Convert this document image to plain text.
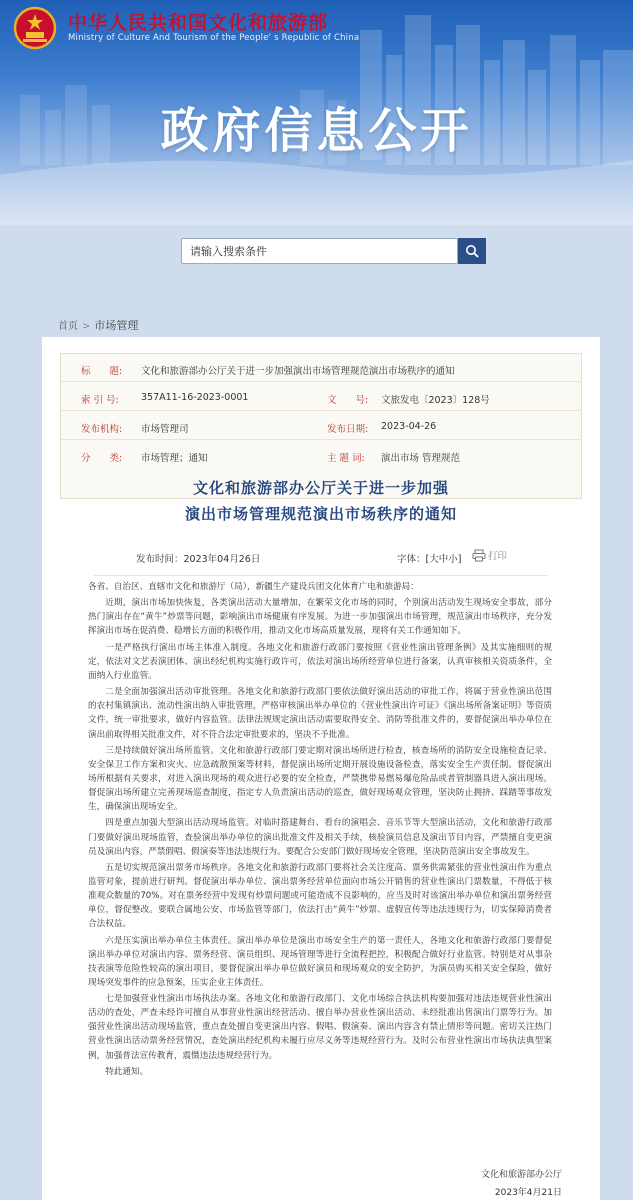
中华人民共和国文化和旅游部
Ministry of Culture And Tourism of the People' s Republic of China
政府信息公开
请输入搜索条件
首页 > 市场管理
标　　题: 文化和旅游部办公厅关于进一步加强演出市场管理规范演出市场秩序的通知
索 引 号: 357A11-16-2023-0001	文　　号: 文旅发电〔2023〕128号
发布机构: 市场管理司	发布日期: 2023-04-26
分　　类: 市场管理；通知	主 题 词: 演出市场 管理规范
文化和旅游部办公厅关于进一步加强
演出市场管理规范演出市场秩序的通知
发布时间：2023年04月26日	字体：[大中小]	打印

各省、自治区、直辖市文化和旅游厅（局），新疆生产建设兵团文化体育广电和旅游局：

近期，演出市场加快恢复，各类演出活动大量增加，在繁荣文化市场的同时，个别演出活动发生现场安全事故，部分热门演出存在“黄牛”炒票等问题，影响演出市场健康有序发展。为进一步加强演出市场管理，规范演出市场秩序，充分发挥演出市场在促消费、稳增长方面的积极作用，推动文化市场高质量发展，现将有关工作通知如下。

一是严格执行演出市场主体准入制度。各地文化和旅游行政部门要按照《营业性演出管理条例》及其实施细则的规定，依法对文艺表演团体、演出经纪机构实施行政许可，依法对演出场所经营单位进行备案，认真审核相关资质条件，全面纳入行业监管。

二是全面加强演出活动审批管理。各地文化和旅游行政部门要依法做好演出活动的审批工作，将属于营业性演出范围的农村集镇演出、流动性演出纳入审批管理，严格审核演出举办单位的《营业性演出许可证》《演出场所备案证明》等资质文件，统一审批要求，做好内容监管。法律法规规定演出活动需要取得安全、消防等批准文件的，要督促演出举办单位在演出前取得相关批准文件，对不符合法定审批要求的，坚决不予批准。

三是持续做好演出场所监管。文化和旅游行政部门要定期对演出场所进行检查，核查场所的消防安全设施检查记录、安全保卫工作方案和灾火、应急疏散预案等材料，督促演出场所定期开展设施设备检查，落实安全生产责任制。督促演出场所根据有关要求，对进入演出现场的观众进行必要的安全检查，严禁携带易燃易爆危险品或者管制器具进入演出现场。督促演出场所建立完善现场巡查制度，指定专人负责演出活动的巡查，做好现场观众管理，坚决防止拥挤、踩踏等事故发生，确保演出现场安全。

四是重点加强大型演出活动现场监管。对临时搭建舞台、看台的演唱会、音乐节等大型演出活动，文化和旅游行政部门要做好演出现场监管，查验演出举办单位的演出批准文件及相关手续，核验演员信息及演出节目内容，严禁擅自变更演员及演出内容，严禁假唱、假演奏等违法违规行为。要配合公安部门做好现场安全管理，坚决防范演出安全事故发生。

五是切实规范演出票务市场秩序。各地文化和旅游行政部门要将社会关注度高、票务供需紧张的营业性演出作为重点监管对象，提前进行研判。督促演出举办单位、演出票务经营单位面向市场公开销售的营业性演出门票数量，不得低于核准观众数量的70%。对在票务经营中发现有炒票问题或可能造成不良影响的，应当及时对该演出举办单位和演出票务经营单位，督促整改。要联合属地公安、市场监管等部门，依法打击“黄牛”炒票、虚假宣传等违法违规行为，切实保障消费者合法权益。

六是压实演出举办单位主体责任。演出举办单位是演出市场安全生产的第一责任人，各地文化和旅游行政部门要督促演出举办单位对演出内容、票务经营、演员组织、现场管理等进行全流程把控，积极配合做好行业监管。特别是对从事杂技表演等危险性较高的演出项目，要督促演出举办单位做好演员和现场观众的安全防护，为演员购买相关安全保险，做好现场突发事件的应急预案，压实企业主体责任。

七是加强营业性演出市场执法办案。各地文化和旅游行政部门、文化市场综合执法机构要加强对违法违规营业性演出活动的查处，严查未经许可擅自从事营业性演出经营活动、擅自举办营业性演出活动、未经批准出售演出门票等行为。加强营业性演出活动现场监管，重点查处擅自变更演出内容、假唱、假演奏、演出内容含有禁止情形等问题。密切关注热门营业性演出活动票务经营情况，查处演出经纪机构未履行应尽义务等违规经营行为。及时公布营业性演出市场执法典型案例，加强普法宣传教育，震慑违法违规经营行为。

特此通知。

文化和旅游部办公厅
2023年4月21日
